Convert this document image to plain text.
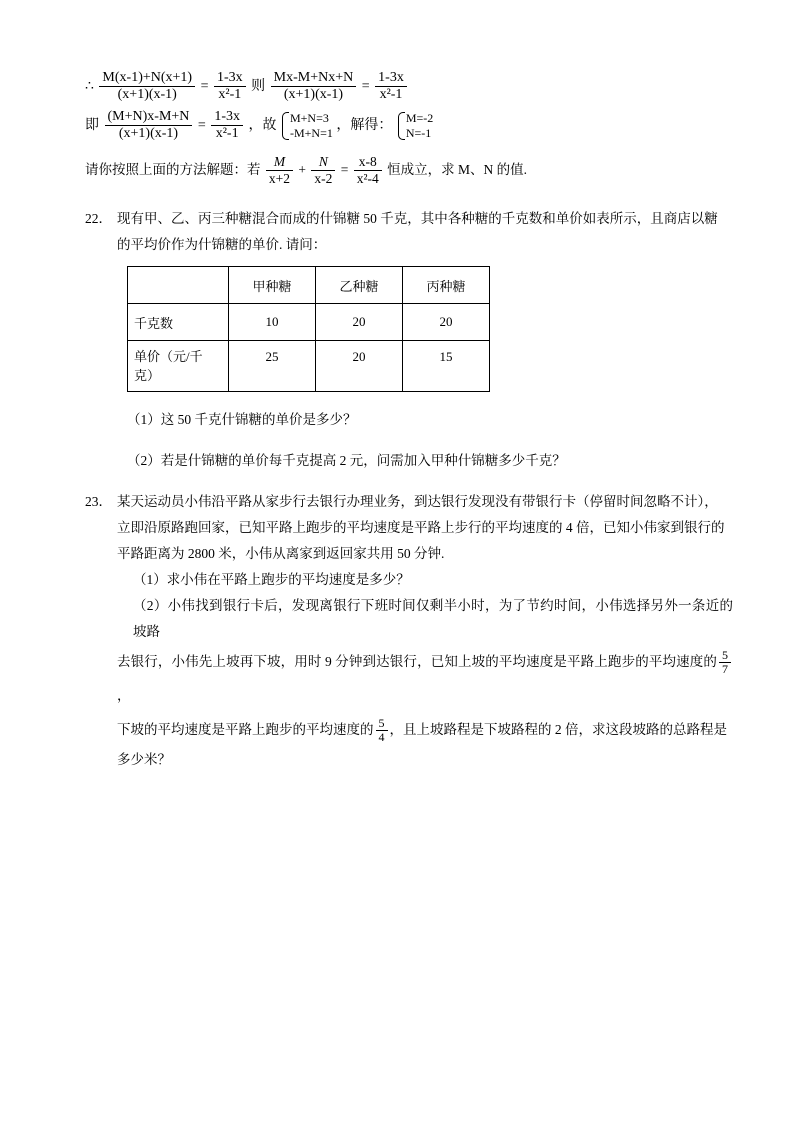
∴ $\frac{M(x-1)+N(x+1)}{(x+1)(x-1)} = \frac{1-3x}{\text{x²-1}}$ 则 $\frac{Mx-M+Nx+N}{(x+1)(x-1)} = \frac{1-3x}{\text{x²-1}}$
即 $\frac{(M+N)x-M+N}{(x+1)(x-1)} = \frac{1-3x}{\text{x²-1}}$ ，故 M+N=3
-M+N=1 ，解得： M=-2
N=-1
请你按照上面的方法解题：若 $\frac{M}{x+2} + \frac{N}{x-2} = \frac{x-8}{\text{x²-4}}$ 恒成立，求 M、N 的值.
22． 现有甲、乙、丙三种糖混合而成的什锦糖 50 千克，其中各种糖的千克数和单价如表所示，且商店以糖

的平均价作为什锦糖的单价. 请问：

	甲种糖	乙种糖	丙种糖
千克数	10	20	20
单价（元/千克）	25	20	15

（1）这 50 千克什锦糖的单价是多少？

（2）若是什锦糖的单价每千克提高 2 元，问需加入甲种什锦糖多少千克？

23． 某天运动员小伟沿平路从家步行去银行办理业务，到达银行发现没有带银行卡（停留时间忽略不计），

立即沿原路跑回家，已知平路上跑步的平均速度是平路上步行的平均速度的 4 倍，已知小伟家到银行的

平路距离为 2800 米，小伟从离家到返回家共用 50 分钟.

（1）求小伟在平路上跑步的平均速度是多少？

（2）小伟找到银行卡后，发现离银行下班时间仅剩半小时，为了节约时间，小伟选择另外一条近的坡路

去银行，小伟先上坡再下坡，用时 9 分钟到达银行，已知上坡的平均速度是平路上跑步的平均速度的 $\frac{5}{7}$
，

下坡的平均速度是平路上跑步的平均速度的 $\frac{5}{4}$ ，且上坡路程是下坡路程的 2 倍，求这段坡路的总路程是

多少米？
